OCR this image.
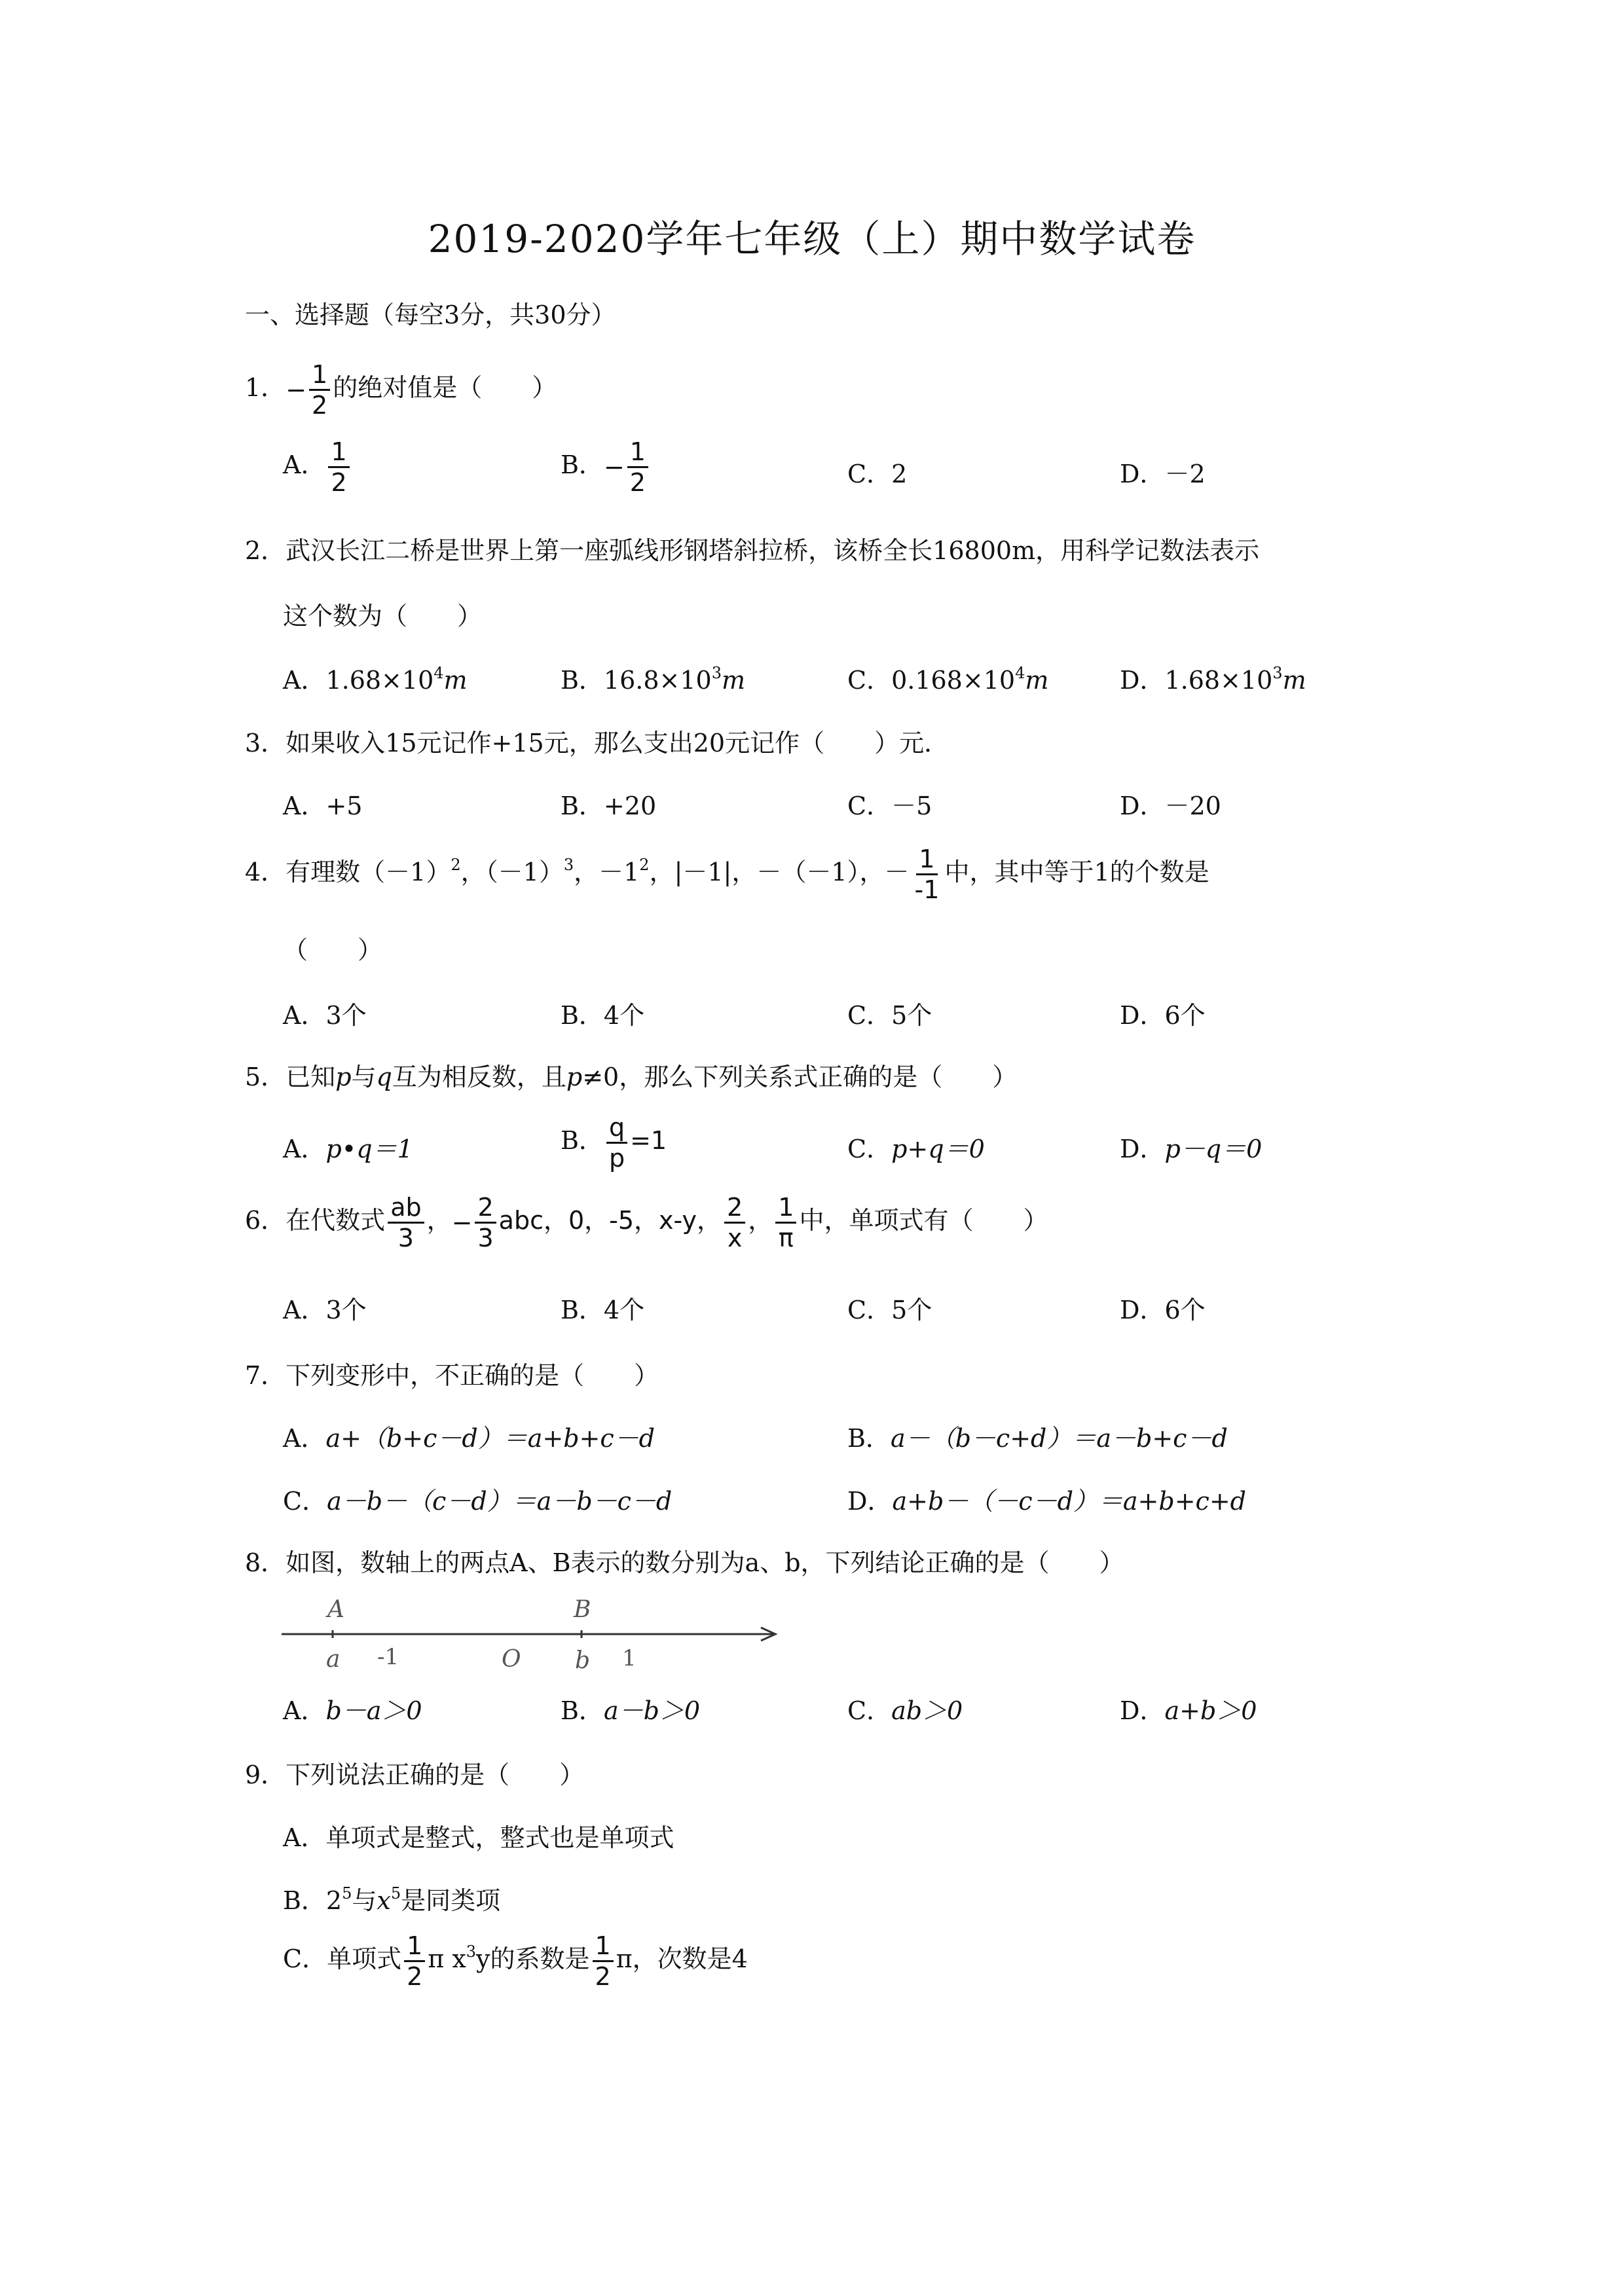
2019-2020学年七年级（上）期中数学试卷
一、选择题（每空3分，共30分）
1．− $\frac{1}{2}$ 的绝对值是（　　）
A． $\frac{1}{2}$	B．− $\frac{1}{2}$	C．2	D．－2
2．武汉长江二桥是世界上第一座弧线形钢塔斜拉桥，该桥全长16800m，用科学记数法表示
这个数为（　　）
A．$1.68\times 10^4m$	B．$16.8\times 10^3m$	C．$0.168\times 10^4m$	D．$1.68\times 10^3m$
3．如果收入15元记作+15元，那么支出20元记作（　　）元．
A．+5	B．+20	C．－5	D．－20
4．有理数$(-1)^2$，$(-1)^3$，$-1^2$，|－1|，－（－1），－ $\frac{1}{-1}$ 中，其中等于1的个数是
（　　）
A．3个	B．4个	C．5个	D．6个
5．已知p与q互为相反数，且p≠0，那么下列关系式正确的是（　　）
A．p•q＝1	B． $\frac{q}{p} =1$	C．p+q＝0	D．p－q＝0
6．在代数式 $\frac{ab}{3}$ ，− $\frac{2}{3}$ abc，0，-5，x-y， $\frac{2}{x}$ ， $\frac{1}{\pi}$ 中，单项式有（　　）
A．3个	B．4个	C．5个	D．6个
7．下列变形中，不正确的是（　　）
A．a+（b+c－d）＝a+b+c－d	B．a－（b－c+d）＝a－b+c－d
C．a－b－（c－d）＝a－b－c－d	D．a+b－（－c－d）＝a+b+c+d
8．如图，数轴上的两点A、B表示的数分别为a、b，下列结论正确的是（　　）
A	B
a -1	O b 1
A．b－a＞0	B．a－b＞0	C．ab＞0	D．a+b＞0
9．下列说法正确的是（　　）
A．单项式是整式，整式也是单项式
B．$2^5$与$x^5$是同类项
C．单项式 $\frac{1}{2}$ π $x^3y$的系数是 $\frac{1}{2}$ π，次数是4
